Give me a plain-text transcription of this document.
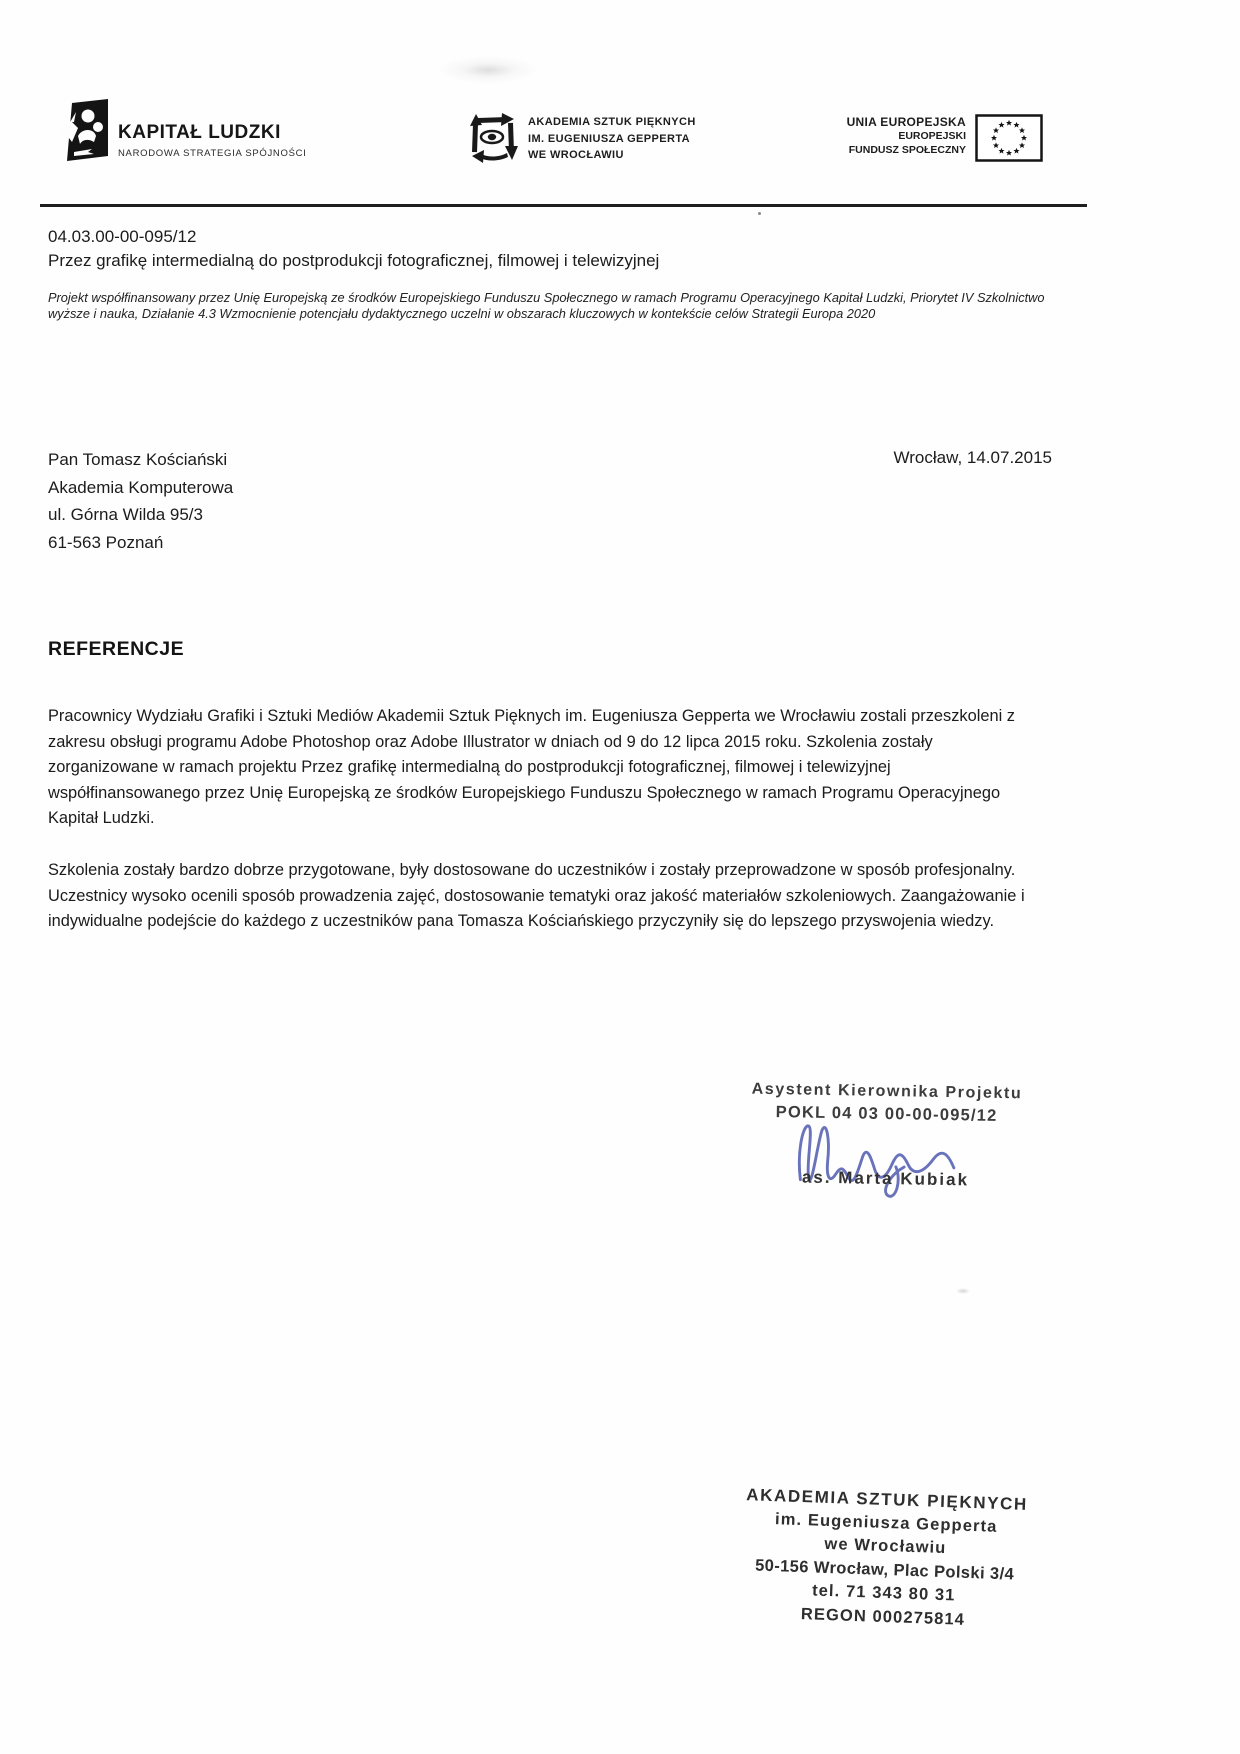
KAPITAŁ LUDZKI
NARODOWA STRATEGIA SPÓJNOŚCI
AKADEMIA SZTUK PIĘKNYCH
IM. EUGENIUSZA GEPPERTA
WE WROCŁAWIU
UNIA EUROPEJSKA
EUROPEJSKI
FUNDUSZ SPOŁECZNY
04.03.00-00-095/12
Przez grafikę intermedialną do postprodukcji fotograficznej, filmowej i telewizyjnej
Projekt współfinansowany przez Unię Europejską ze środków Europejskiego Funduszu Społecznego w ramach Programu Operacyjnego Kapitał Ludzki, Priorytet IV Szkolnictwo wyższe i nauka, Działanie 4.3 Wzmocnienie potencjału dydaktycznego uczelni w obszarach kluczowych w kontekście celów Strategii Europa 2020
Pan Tomasz Kościański
Akademia Komputerowa
ul. Górna Wilda 95/3
61-563 Poznań
Wrocław, 14.07.2015
REFERENCJE
Pracownicy Wydziału Grafiki i Sztuki Mediów Akademii Sztuk Pięknych im. Eugeniusza Gepperta we Wrocławiu zostali przeszkoleni z zakresu obsługi programu Adobe Photoshop oraz Adobe Illustrator w dniach od 9 do 12 lipca 2015 roku. Szkolenia zostały zorganizowane w ramach projektu Przez grafikę intermedialną do postprodukcji fotograficznej, filmowej i telewizyjnej współfinansowanego przez Unię Europejską ze środków Europejskiego Funduszu Społecznego w ramach Programu Operacyjnego Kapitał Ludzki.
Szkolenia zostały bardzo dobrze przygotowane, były dostosowane do uczestników i zostały przeprowadzone w sposób profesjonalny. Uczestnicy wysoko ocenili sposób prowadzenia zajęć, dostosowanie tematyki oraz jakość materiałów szkoleniowych. Zaangażowanie i indywidualne podejście do każdego z uczestników pana Tomasza Kościańskiego przyczyniły się do lepszego przyswojenia wiedzy.
Asystent Kierownika Projektu
POKL 04 03 00-00-095/12
as. Marta Kubiak
AKADEMIA SZTUK PIĘKNYCH
im. Eugeniusza Gepperta
we Wrocławiu
50-156 Wrocław, Plac Polski 3/4
tel. 71 343 80 31
REGON 000275814
